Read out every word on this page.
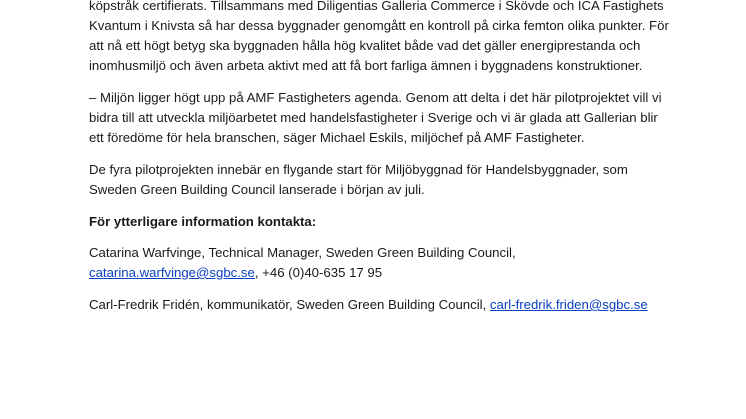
köpstråk certifierats. Tillsammans med Diligentias Galleria Commerce i Skövde och ICA Fastighets
Kvantum i Knivsta så har dessa byggnader genomgått en kontroll på cirka femton olika punkter. För
att nå ett högt betyg ska byggnaden hålla hög kvalitet både vad det gäller energiprestanda och
inomhusmiljö och även arbeta aktivt med att få bort farliga ämnen i byggnadens konstruktioner.

– Miljön ligger högt upp på AMF Fastigheters agenda. Genom att delta i det här pilotprojektet vill vi
bidra till att utveckla miljöarbetet med handelsfastigheter i Sverige och vi är glada att Gallerian blir
ett föredöme för hela branschen, säger Michael Eskils, miljöchef på AMF Fastigheter.

De fyra pilotprojekten innebär en flygande start för Miljöbyggnad för Handelsbyggnader, som
Sweden Green Building Council lanserade i början av juli.

För ytterligare information kontakta:

Catarina Warfvinge, Technical Manager, Sweden Green Building Council,
catarina.warfvinge@sgbc.se, +46 (0)40-635 17 95

Carl-Fredrik Fridén, kommunikatör, Sweden Green Building Council, carl-fredrik.friden@sgbc.se
